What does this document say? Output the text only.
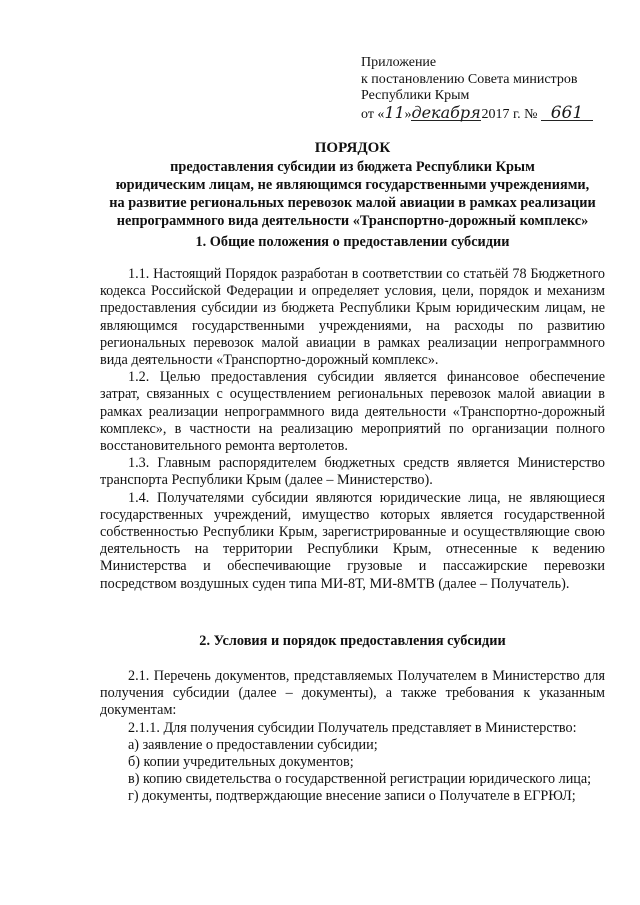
Приложение
к постановлению Совета министров
Республики Крым
от «11»декабря2017 г. № 661
ПОРЯДОК
предоставления субсидии из бюджета Республики Крым
юридическим лицам, не являющимся государственными учреждениями,
на развитие региональных перевозок малой авиации в рамках реализации
непрограммного вида деятельности «Транспортно-дорожный комплекс»
1. Общие положения о предоставлении субсидии

1.1. Настоящий Порядок разработан в соответствии со статьёй 78 Бюджетного кодекса Российской Федерации и определяет условия, цели, порядок и механизм предоставления субсидии из бюджета Республики Крым юридическим лицам, не являющимся государственными учреждениями, на расходы по развитию региональных перевозок малой авиации в рамках реализации непрограммного вида деятельности «Транспортно-дорожный комплекс».

1.2. Целью предоставления субсидии является финансовое обеспечение затрат, связанных с осуществлением региональных перевозок малой авиации в рамках реализации непрограммного вида деятельности «Транспортно-дорожный комплекс», в частности на реализацию мероприятий по организации полного восстановительного ремонта вертолетов.

1.3. Главным распорядителем бюджетных средств является Министерство транспорта Республики Крым (далее – Министерство).

1.4. Получателями субсидии являются юридические лица, не являющиеся государственных учреждений, имущество которых является государственной собственностью Республики Крым, зарегистрированные и осуществляющие свою деятельность на территории Республики Крым, отнесенные к ведению Министерства и обеспечивающие грузовые и пассажирские перевозки посредством воздушных суден типа МИ-8Т, МИ-8МТВ (далее – Получатель).

2. Условия и порядок предоставления субсидии

2.1. Перечень документов, представляемых Получателем в Министерство для получения субсидии (далее – документы), а также требования к указанным документам:

2.1.1. Для получения субсидии Получатель представляет в Министерство:

а) заявление о предоставлении субсидии;

б) копии учредительных документов;

в) копию свидетельства о государственной регистрации юридического лица;

г) документы, подтверждающие внесение записи о Получателе в ЕГРЮЛ;
